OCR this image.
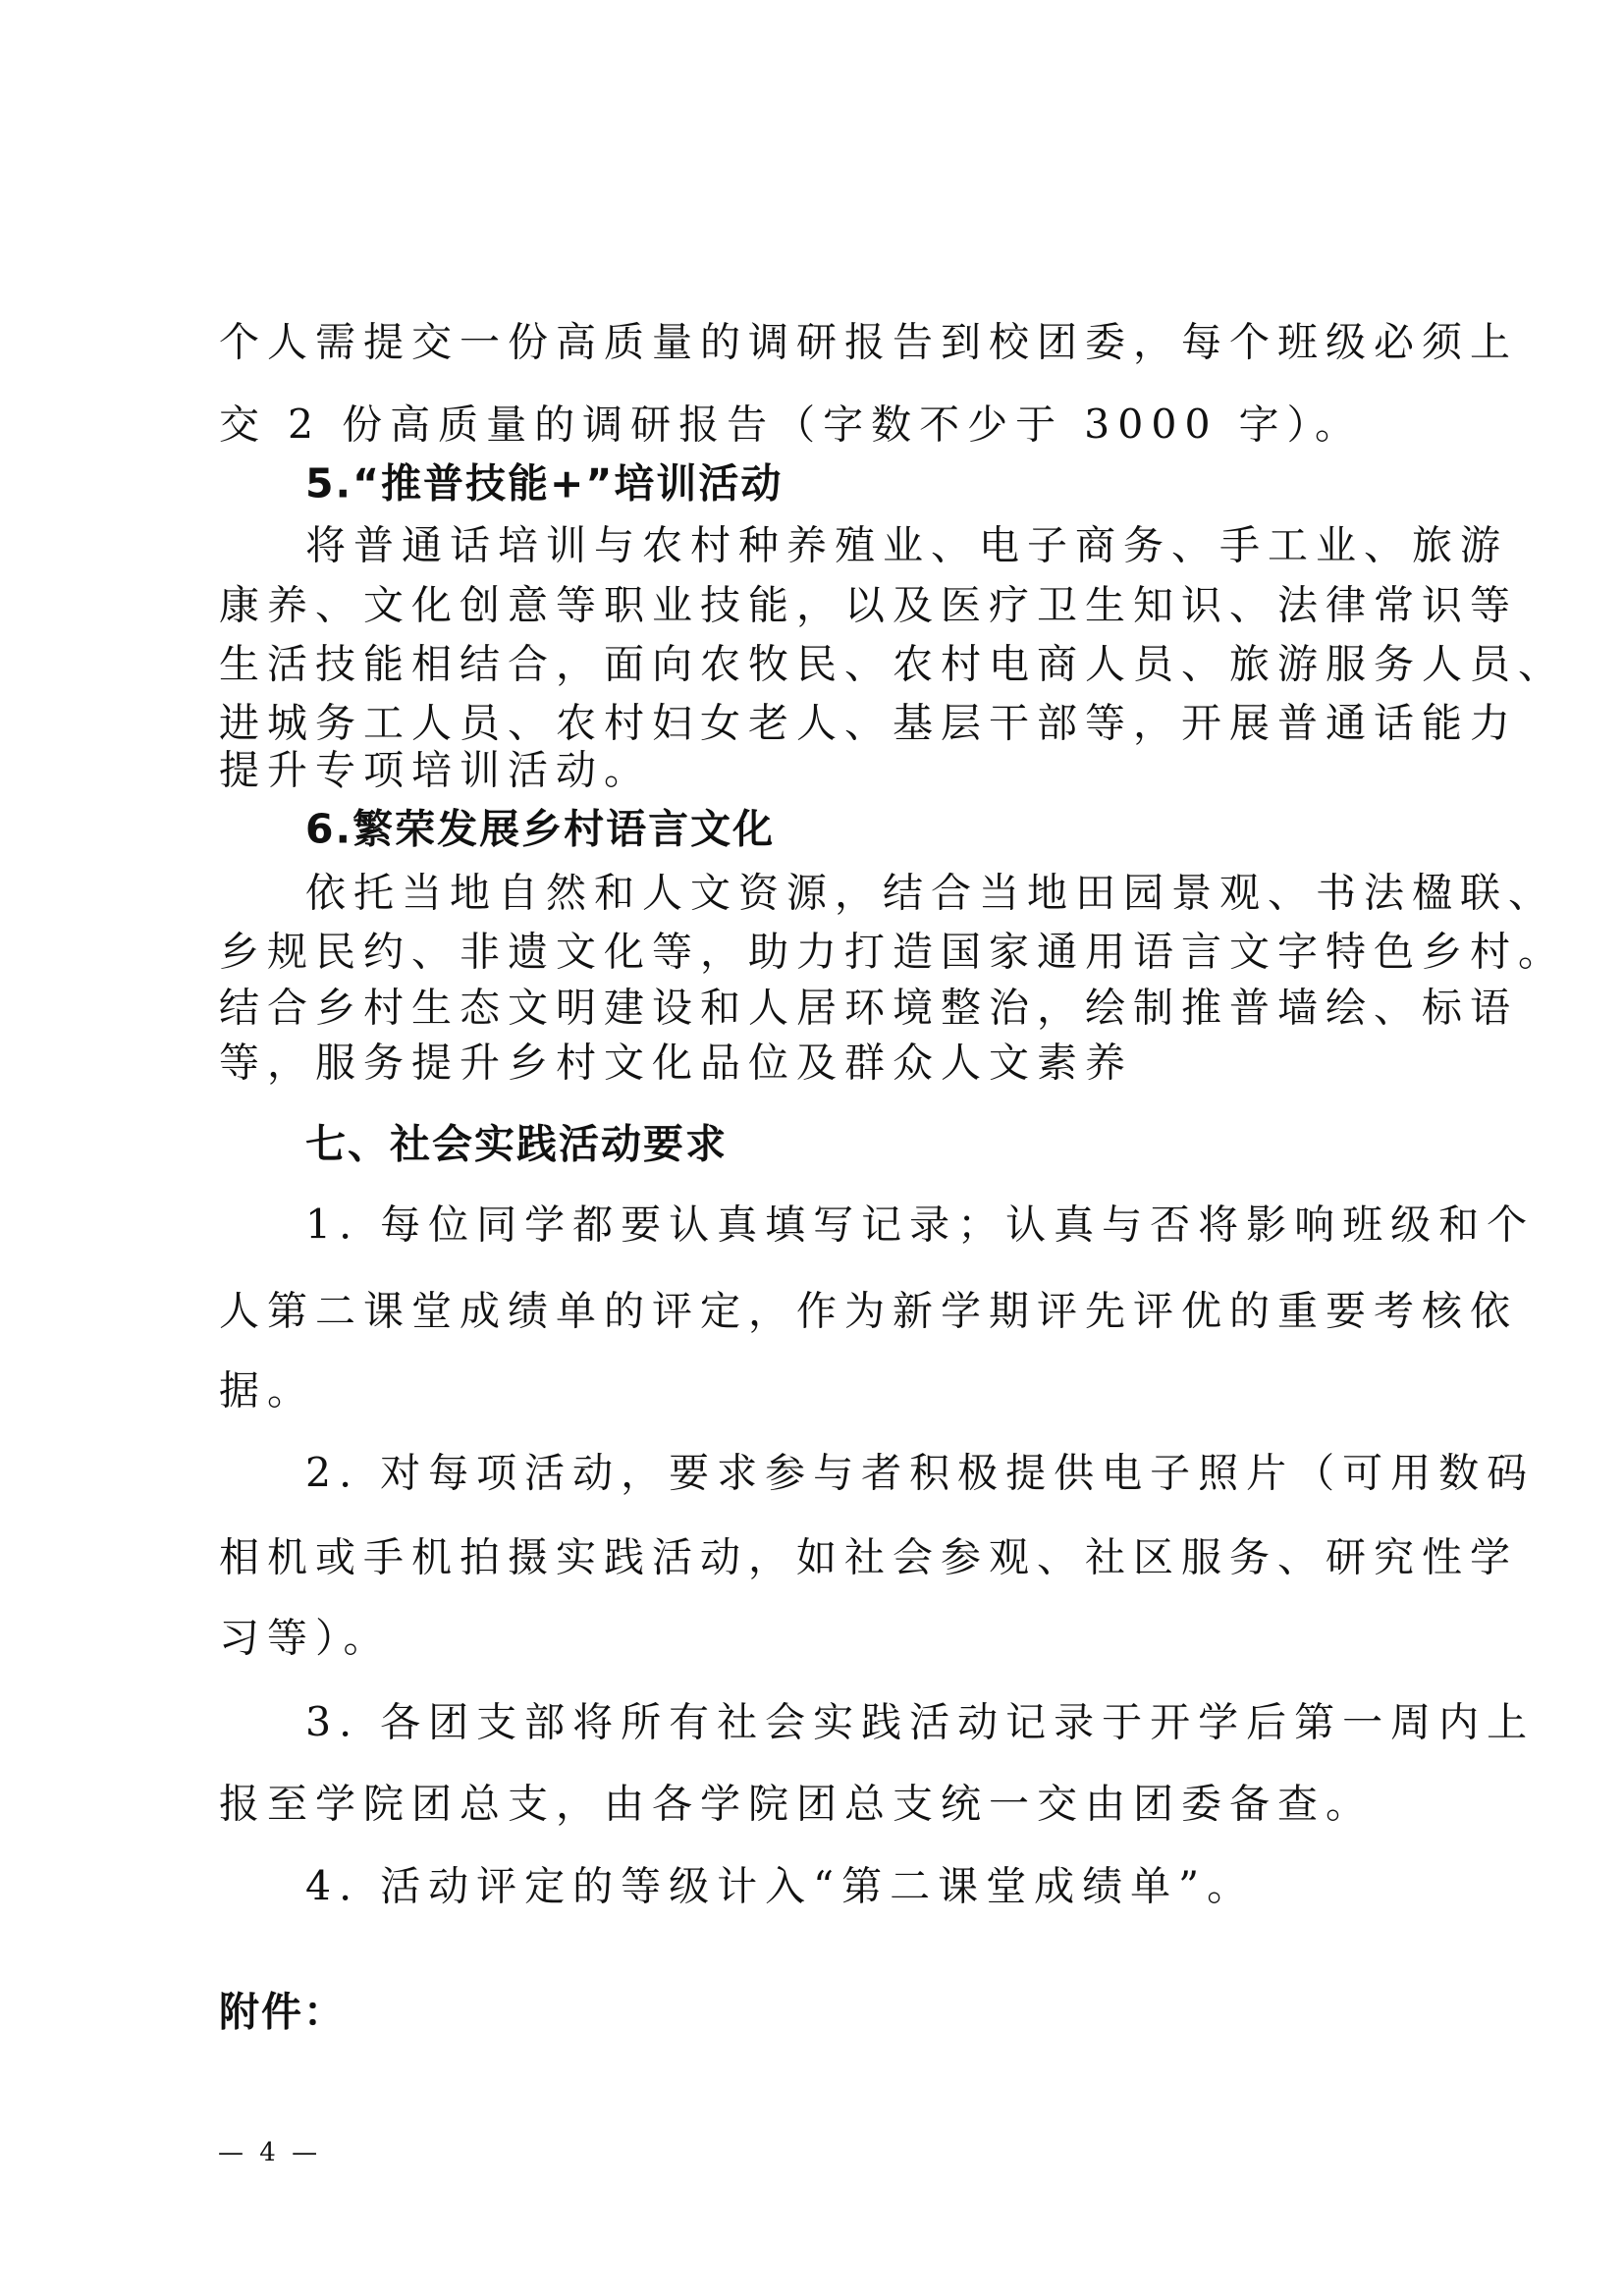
个人需提交一份高质量的调研报告到校团委，每个班级必须上
交 2 份高质量的调研报告（字数不少于 3000 字）。
5.“推普技能+”培训活动
将普通话培训与农村种养殖业、电子商务、手工业、旅游
康养、文化创意等职业技能，以及医疗卫生知识、法律常识等
生活技能相结合，面向农牧民、农村电商人员、旅游服务人员、
进城务工人员、农村妇女老人、基层干部等，开展普通话能力
提升专项培训活动。
6.繁荣发展乡村语言文化
依托当地自然和人文资源，结合当地田园景观、书法楹联、
乡规民约、非遗文化等，助力打造国家通用语言文字特色乡村。
结合乡村生态文明建设和人居环境整治，绘制推普墙绘、标语
等，服务提升乡村文化品位及群众人文素养
七、社会实践活动要求
1. 每位同学都要认真填写记录；认真与否将影响班级和个
人第二课堂成绩单的评定，作为新学期评先评优的重要考核依
据。
2. 对每项活动，要求参与者积极提供电子照片（可用数码
相机或手机拍摄实践活动，如社会参观、社区服务、研究性学
习等）。
3. 各团支部将所有社会实践活动记录于开学后第一周内上
报至学院团总支，由各学院团总支统一交由团委备查。
4. 活动评定的等级计入“第二课堂成绩单”。
附件：
— 4 —
